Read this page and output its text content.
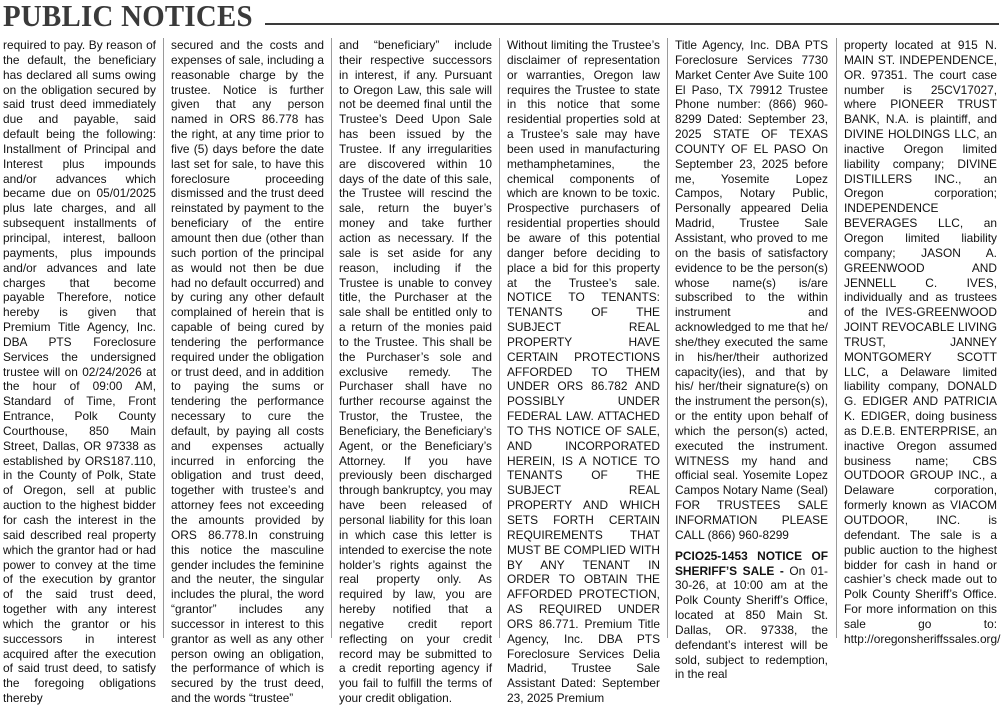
PUBLIC NOTICES

required to pay. By reason of the default, the beneficiary has declared all sums owing on the obligation secured by said trust deed immediately due and payable, said default being the following: Installment of Principal and Interest plus impounds and/or advances which became due on 05/01/2025 plus late charges, and all subsequent installments of principal, interest, balloon payments, plus impounds and/or advances and late charges that become payable Therefore, notice hereby is given that Premium Title Agency, Inc. DBA PTS Foreclosure Services the undersigned trustee will on 02/24/2026 at the hour of 09:00 AM, Standard of Time, Front Entrance, Polk County Courthouse, 850 Main Street, Dallas, OR 97338 as established by ORS187.110, in the County of Polk, State of Oregon, sell at public auction to the highest bidder for cash the interest in the said described real property which the grantor had or had power to convey at the time of the execution by grantor of the said trust deed, together with any interest which the grantor or his successors in interest acquired after the execution of said trust deed, to satisfy the foregoing obligations thereby

secured and the costs and expenses of sale, including a reasonable charge by the trustee. Notice is further given that any person named in ORS 86.778 has the right, at any time prior to five (5) days before the date last set for sale, to have this foreclosure proceeding dismissed and the trust deed reinstated by payment to the beneficiary of the entire amount then due (other than such portion of the principal as would not then be due had no default occurred) and by curing any other default complained of herein that is capable of being cured by tendering the performance required under the obligation or trust deed, and in addition to paying the sums or tendering the performance necessary to cure the default, by paying all costs and expenses actually incurred in enforcing the obligation and trust deed, together with trustee’s and attorney fees not exceeding the amounts provided by ORS 86.778.In construing this notice the masculine gender includes the feminine and the neuter, the singular includes the plural, the word “grantor” includes any successor in interest to this grantor as well as any other person owing an obligation, the performance of which is secured by the trust deed, and the words “trustee”

and “beneficiary” include their respective successors in interest, if any. Pursuant to Oregon Law, this sale will not be deemed final until the Trustee’s Deed Upon Sale has been issued by the Trustee. If any irregularities are discovered within 10 days of the date of this sale, the Trustee will rescind the sale, return the buyer’s money and take further action as necessary. If the sale is set aside for any reason, including if the Trustee is unable to convey title, the Purchaser at the sale shall be entitled only to a return of the monies paid to the Trustee. This shall be the Purchaser’s sole and exclusive remedy. The Purchaser shall have no further recourse against the Trustor, the Trustee, the Beneficiary, the Beneficiary’s Agent, or the Beneficiary’s Attorney. If you have previously been discharged through bankruptcy, you may have been released of personal liability for this loan in which case this letter is intended to exercise the note holder’s rights against the real property only. As required by law, you are hereby notified that a negative credit report reflecting on your credit record may be submitted to a credit reporting agency if you fail to fulfill the terms of your credit obligation.

Without limiting the Trustee’s disclaimer of representation or warranties, Oregon law requires the Trustee to state in this notice that some residential properties sold at a Trustee’s sale may have been used in manufacturing methamphetamines, the chemical components of which are known to be toxic. Prospective purchasers of residential properties should be aware of this potential danger before deciding to place a bid for this property at the Trustee’s sale. NOTICE TO TENANTS: TENANTS OF THE SUBJECT REAL PROPERTY HAVE CERTAIN PROTECTIONS AFFORDED TO THEM UNDER ORS 86.782 AND POSSIBLY UNDER FEDERAL LAW. ATTACHED TO THS NOTICE OF SALE, AND INCORPORATED HEREIN, IS A NOTICE TO TENANTS OF THE SUBJECT REAL PROPERTY AND WHICH SETS FORTH CERTAIN REQUIREMENTS THAT MUST BE COMPLIED WITH BY ANY TENANT IN ORDER TO OBTAIN THE AFFORDED PROTECTION, AS REQUIRED UNDER ORS 86.771. Premium Title Agency, Inc. DBA PTS Foreclosure Services Delia Madrid, Trustee Sale Assistant Dated: September 23, 2025 Premium

Title Agency, Inc. DBA PTS Foreclosure Services 7730 Market Center Ave Suite 100 El Paso, TX 79912 Trustee Phone number: (866) 960-8299 Dated: September 23, 2025 STATE OF TEXAS COUNTY OF EL PASO On September 23, 2025 before me, Yosemite Lopez Campos, Notary Public, Personally appeared Delia Madrid, Trustee Sale Assistant, who proved to me on the basis of satisfactory evidence to be the person(s) whose name(s) is/are subscribed to the within instrument and acknowledged to me that he/ she/they executed the same in his/her/their authorized capacity(ies), and that by his/ her/their signature(s) on the instrument the person(s), or the entity upon behalf of which the person(s) acted, executed the instrument. WITNESS my hand and official seal. Yosemite Lopez Campos Notary Name (Seal) FOR TRUSTEES SALE INFORMATION PLEASE CALL (866) 960-8299

PCIO25-1453 NOTICE OF SHERIFF’S SALE - On 01-30-26, at 10:00 am at the Polk County Sheriff’s Office, located at 850 Main St. Dallas, OR. 97338, the defendant’s interest will be sold, subject to redemption, in the real

property located at 915 N. MAIN ST. INDEPENDENCE, OR. 97351. The court case number is 25CV17027, where PIONEER TRUST BANK, N.A. is plaintiff, and DIVINE HOLDINGS LLC, an inactive Oregon limited liability company; DIVINE DISTILLERS INC., an Oregon corporation; INDEPENDENCE BEVERAGES LLC, an Oregon limited liability company; JASON A. GREENWOOD AND JENNELL C. IVES, individually and as trustees of the IVES-GREENWOOD JOINT REVOCABLE LIVING TRUST, JANNEY MONTGOMERY SCOTT LLC, a Delaware limited liability company, DONALD G. EDIGER AND PATRICIA K. EDIGER, doing business as D.E.B. ENTERPRISE, an inactive Oregon assumed business name; CBS OUTDOOR GROUP INC., a Delaware corporation, formerly known as VIACOM OUTDOOR, INC. is defendant. The sale is a public auction to the highest bidder for cash in hand or cashier’s check made out to Polk County Sheriff’s Office. For more information on this sale go to: http://oregonsheriffssales.org/
